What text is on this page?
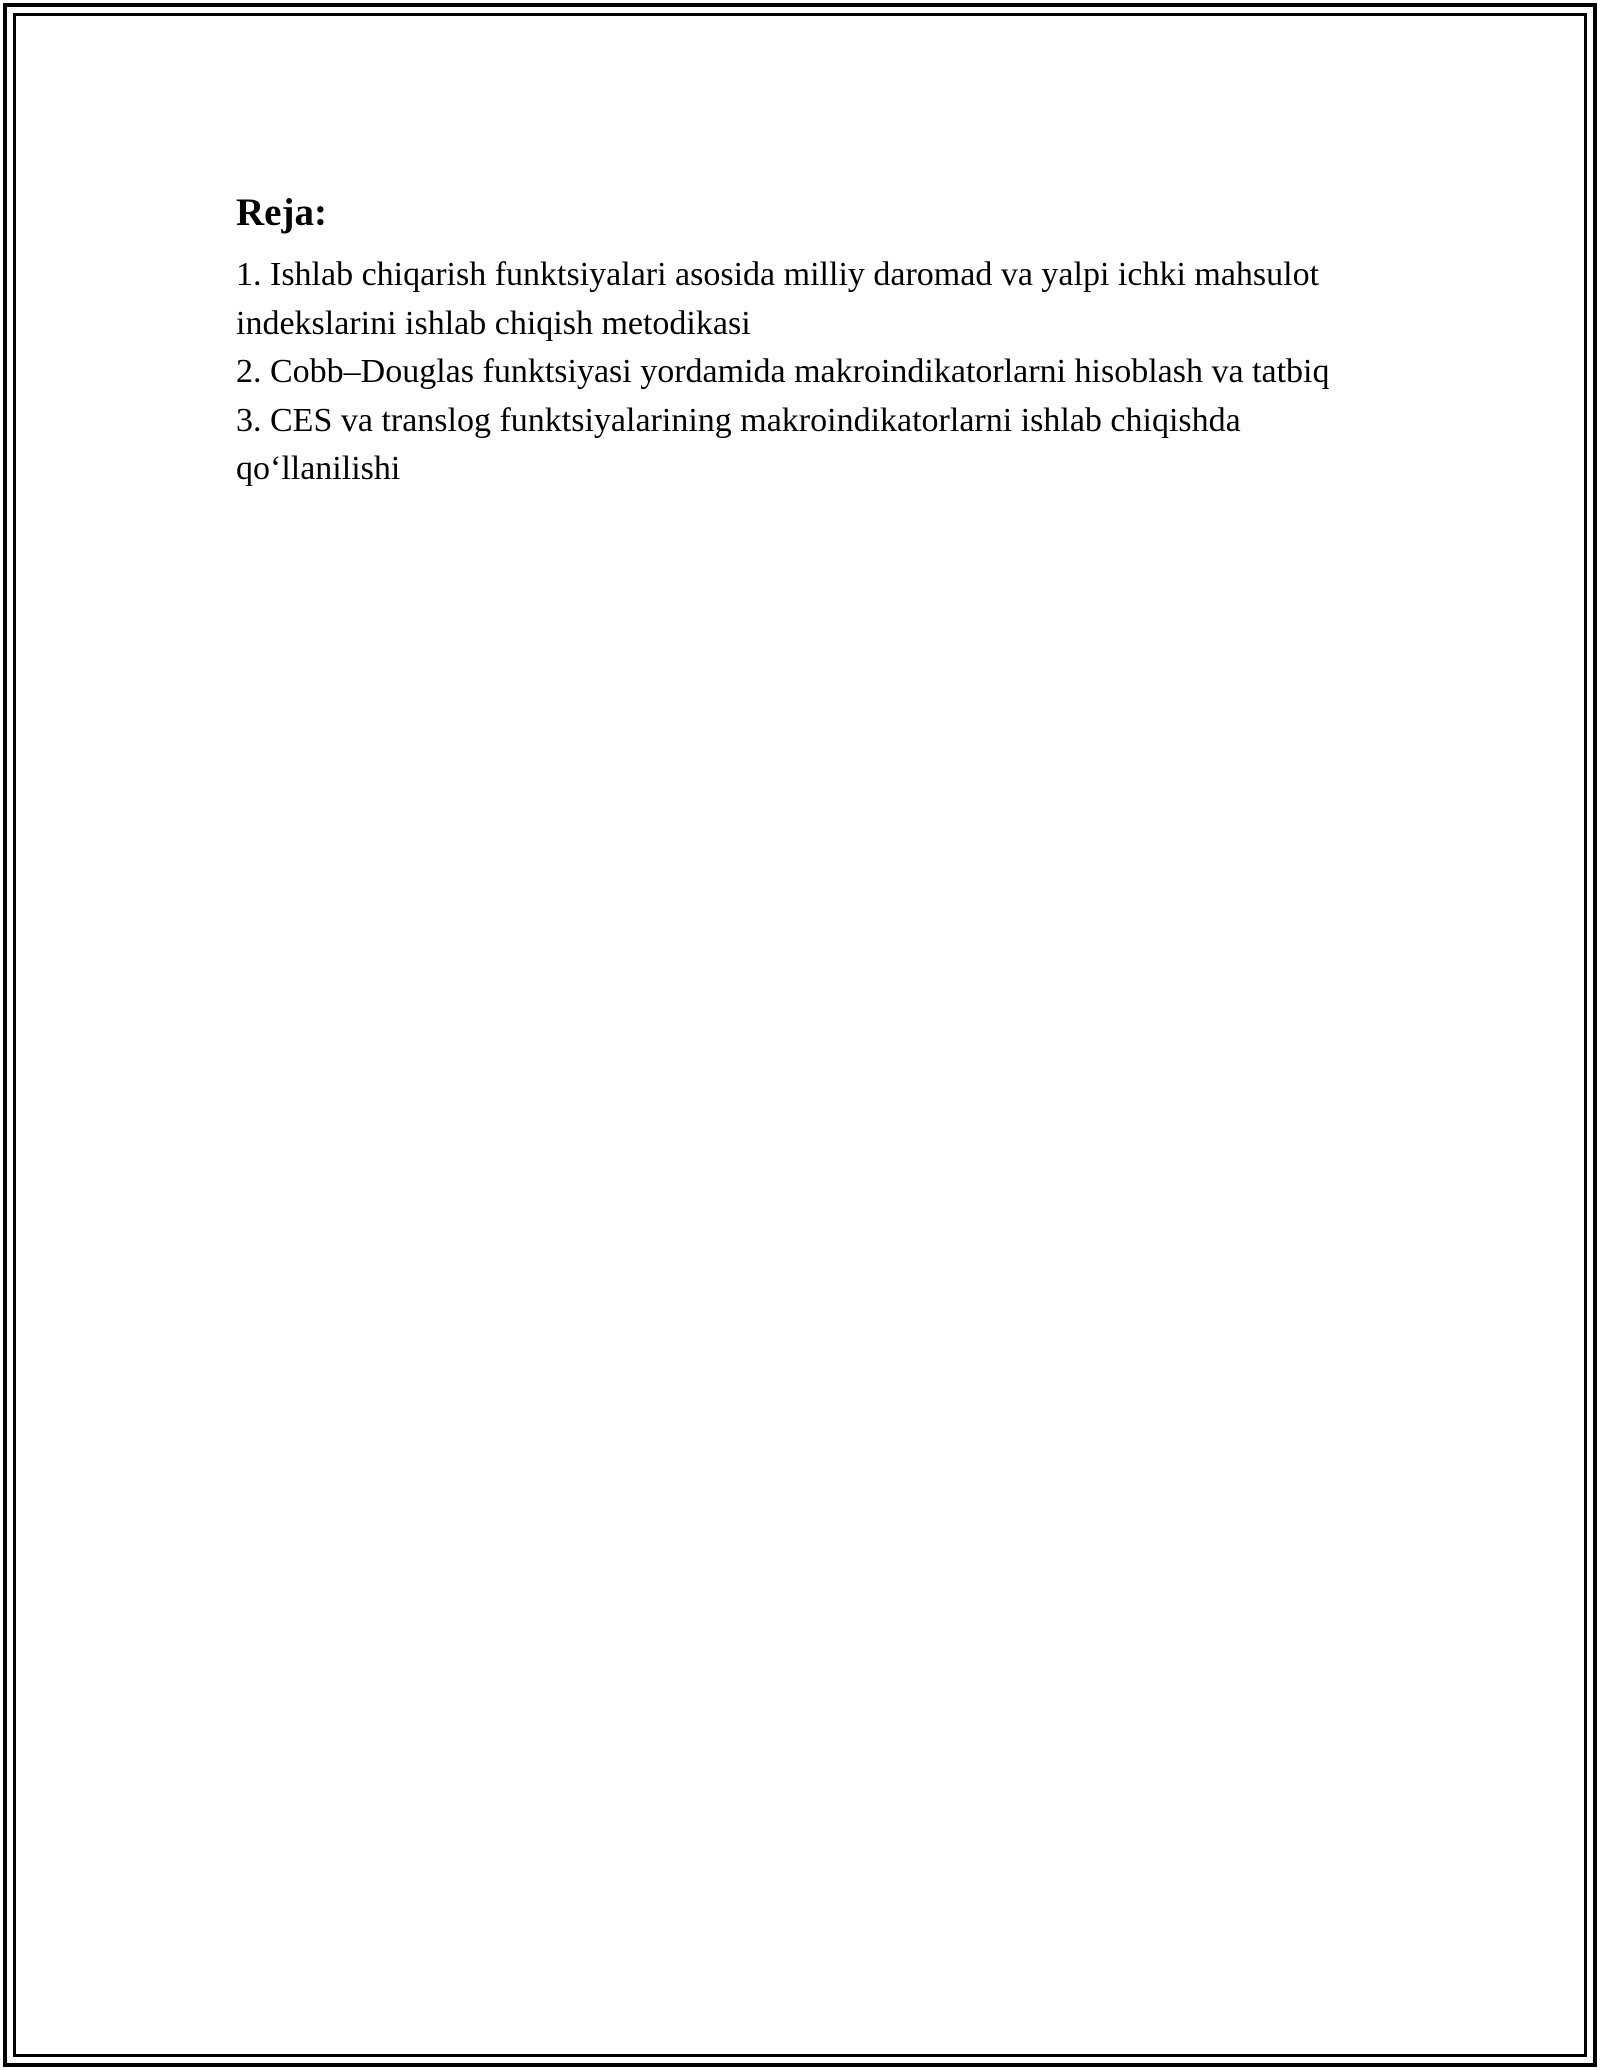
Reja:
1. Ishlab chiqarish funktsiyalari asosida milliy daromad va yalpi ichki mahsulot indekslarini ishlab chiqish metodikasi
2. Cobb–Douglas funktsiyasi yordamida makroindikatorlarni hisoblash va tatbiq
3. CES va translog funktsiyalarining makroindikatorlarni ishlab chiqishda qo‘llanilishi
